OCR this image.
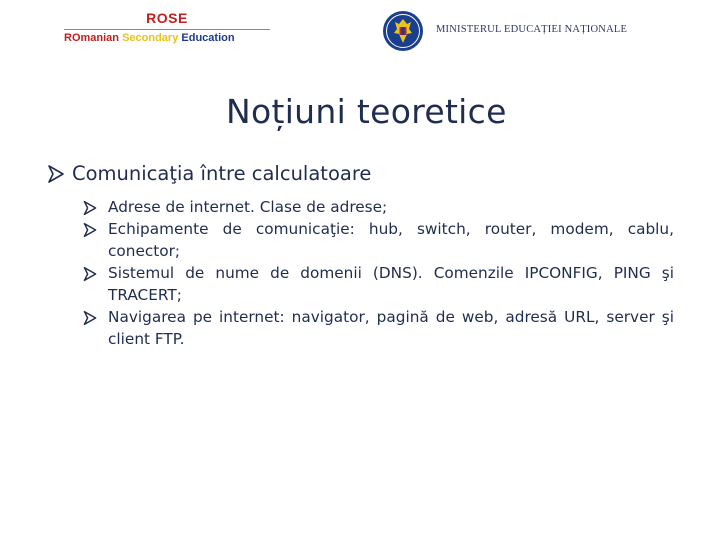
ROSE
ROmanian Secondary Education
MINISTERUL EDUCAȚIEI NAȚIONALE
Noțiuni teoretice
Comunicaţia între calculatoare
Adrese de internet. Clase de adrese;
Echipamente de comunicaţie: hub, switch, router, modem, cablu, conector;
Sistemul de nume de domenii (DNS). Comenzile IPCONFIG, PING şi TRACERT;
Navigarea pe internet: navigator, pagină de web, adresă URL, server şi client FTP.
